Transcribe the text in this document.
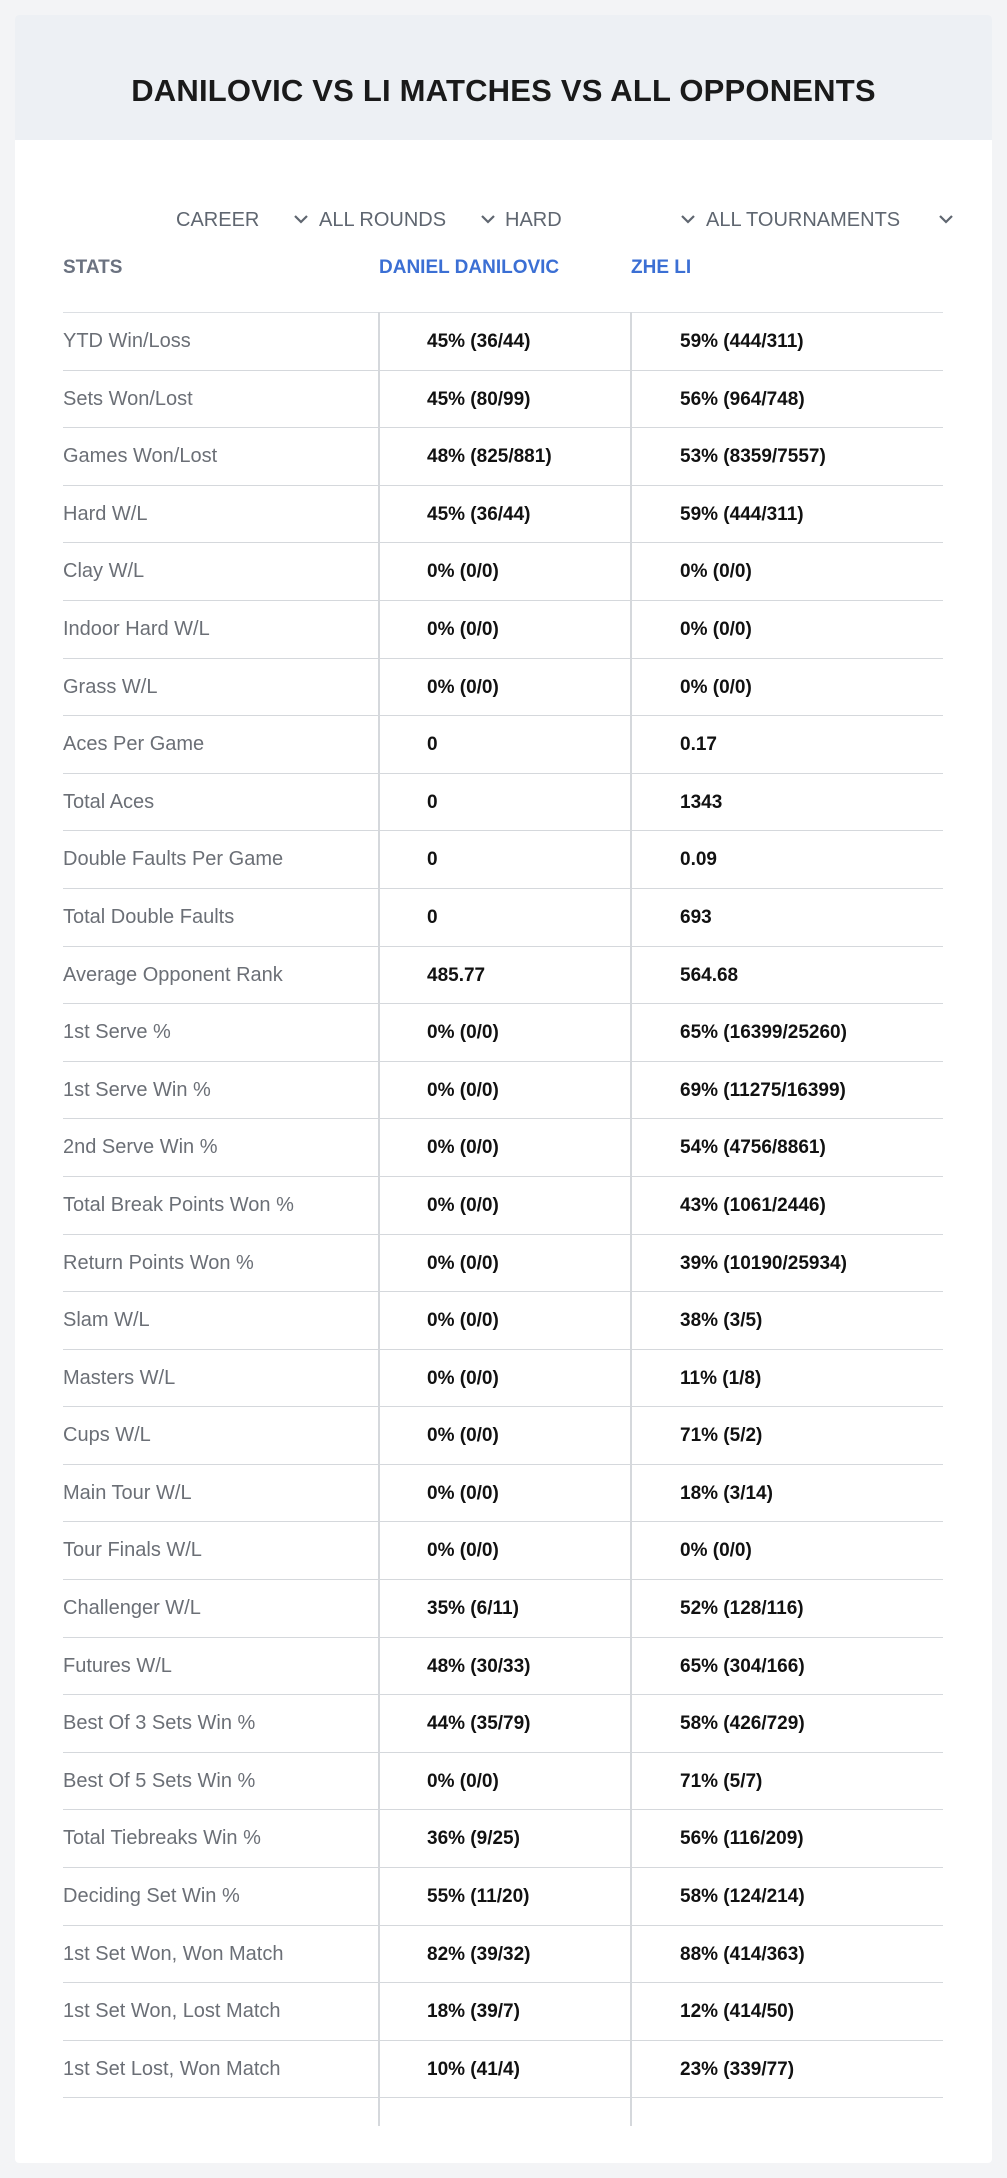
DANILOVIC VS LI MATCHES VS ALL OPPONENTS
CAREER	ALL ROUNDS	HARD	ALL TOURNAMENTS
STATS	DANIEL DANILOVIC	ZHE LI
YTD Win/Loss	45% (36/44)	59% (444/311)
Sets Won/Lost	45% (80/99)	56% (964/748)
Games Won/Lost	48% (825/881)	53% (8359/7557)
Hard W/L	45% (36/44)	59% (444/311)
Clay W/L	0% (0/0)	0% (0/0)
Indoor Hard W/L	0% (0/0)	0% (0/0)
Grass W/L	0% (0/0)	0% (0/0)
Aces Per Game	0	0.17
Total Aces	0	1343
Double Faults Per Game	0	0.09
Total Double Faults	0	693
Average Opponent Rank	485.77	564.68
1st Serve %	0% (0/0)	65% (16399/25260)
1st Serve Win %	0% (0/0)	69% (11275/16399)
2nd Serve Win %	0% (0/0)	54% (4756/8861)
Total Break Points Won %	0% (0/0)	43% (1061/2446)
Return Points Won %	0% (0/0)	39% (10190/25934)
Slam W/L	0% (0/0)	38% (3/5)
Masters W/L	0% (0/0)	11% (1/8)
Cups W/L	0% (0/0)	71% (5/2)
Main Tour W/L	0% (0/0)	18% (3/14)
Tour Finals W/L	0% (0/0)	0% (0/0)
Challenger W/L	35% (6/11)	52% (128/116)
Futures W/L	48% (30/33)	65% (304/166)
Best Of 3 Sets Win %	44% (35/79)	58% (426/729)
Best Of 5 Sets Win %	0% (0/0)	71% (5/7)
Total Tiebreaks Win %	36% (9/25)	56% (116/209)
Deciding Set Win %	55% (11/20)	58% (124/214)
1st Set Won, Won Match	82% (39/32)	88% (414/363)
1st Set Won, Lost Match	18% (39/7)	12% (414/50)
1st Set Lost, Won Match	10% (41/4)	23% (339/77)
